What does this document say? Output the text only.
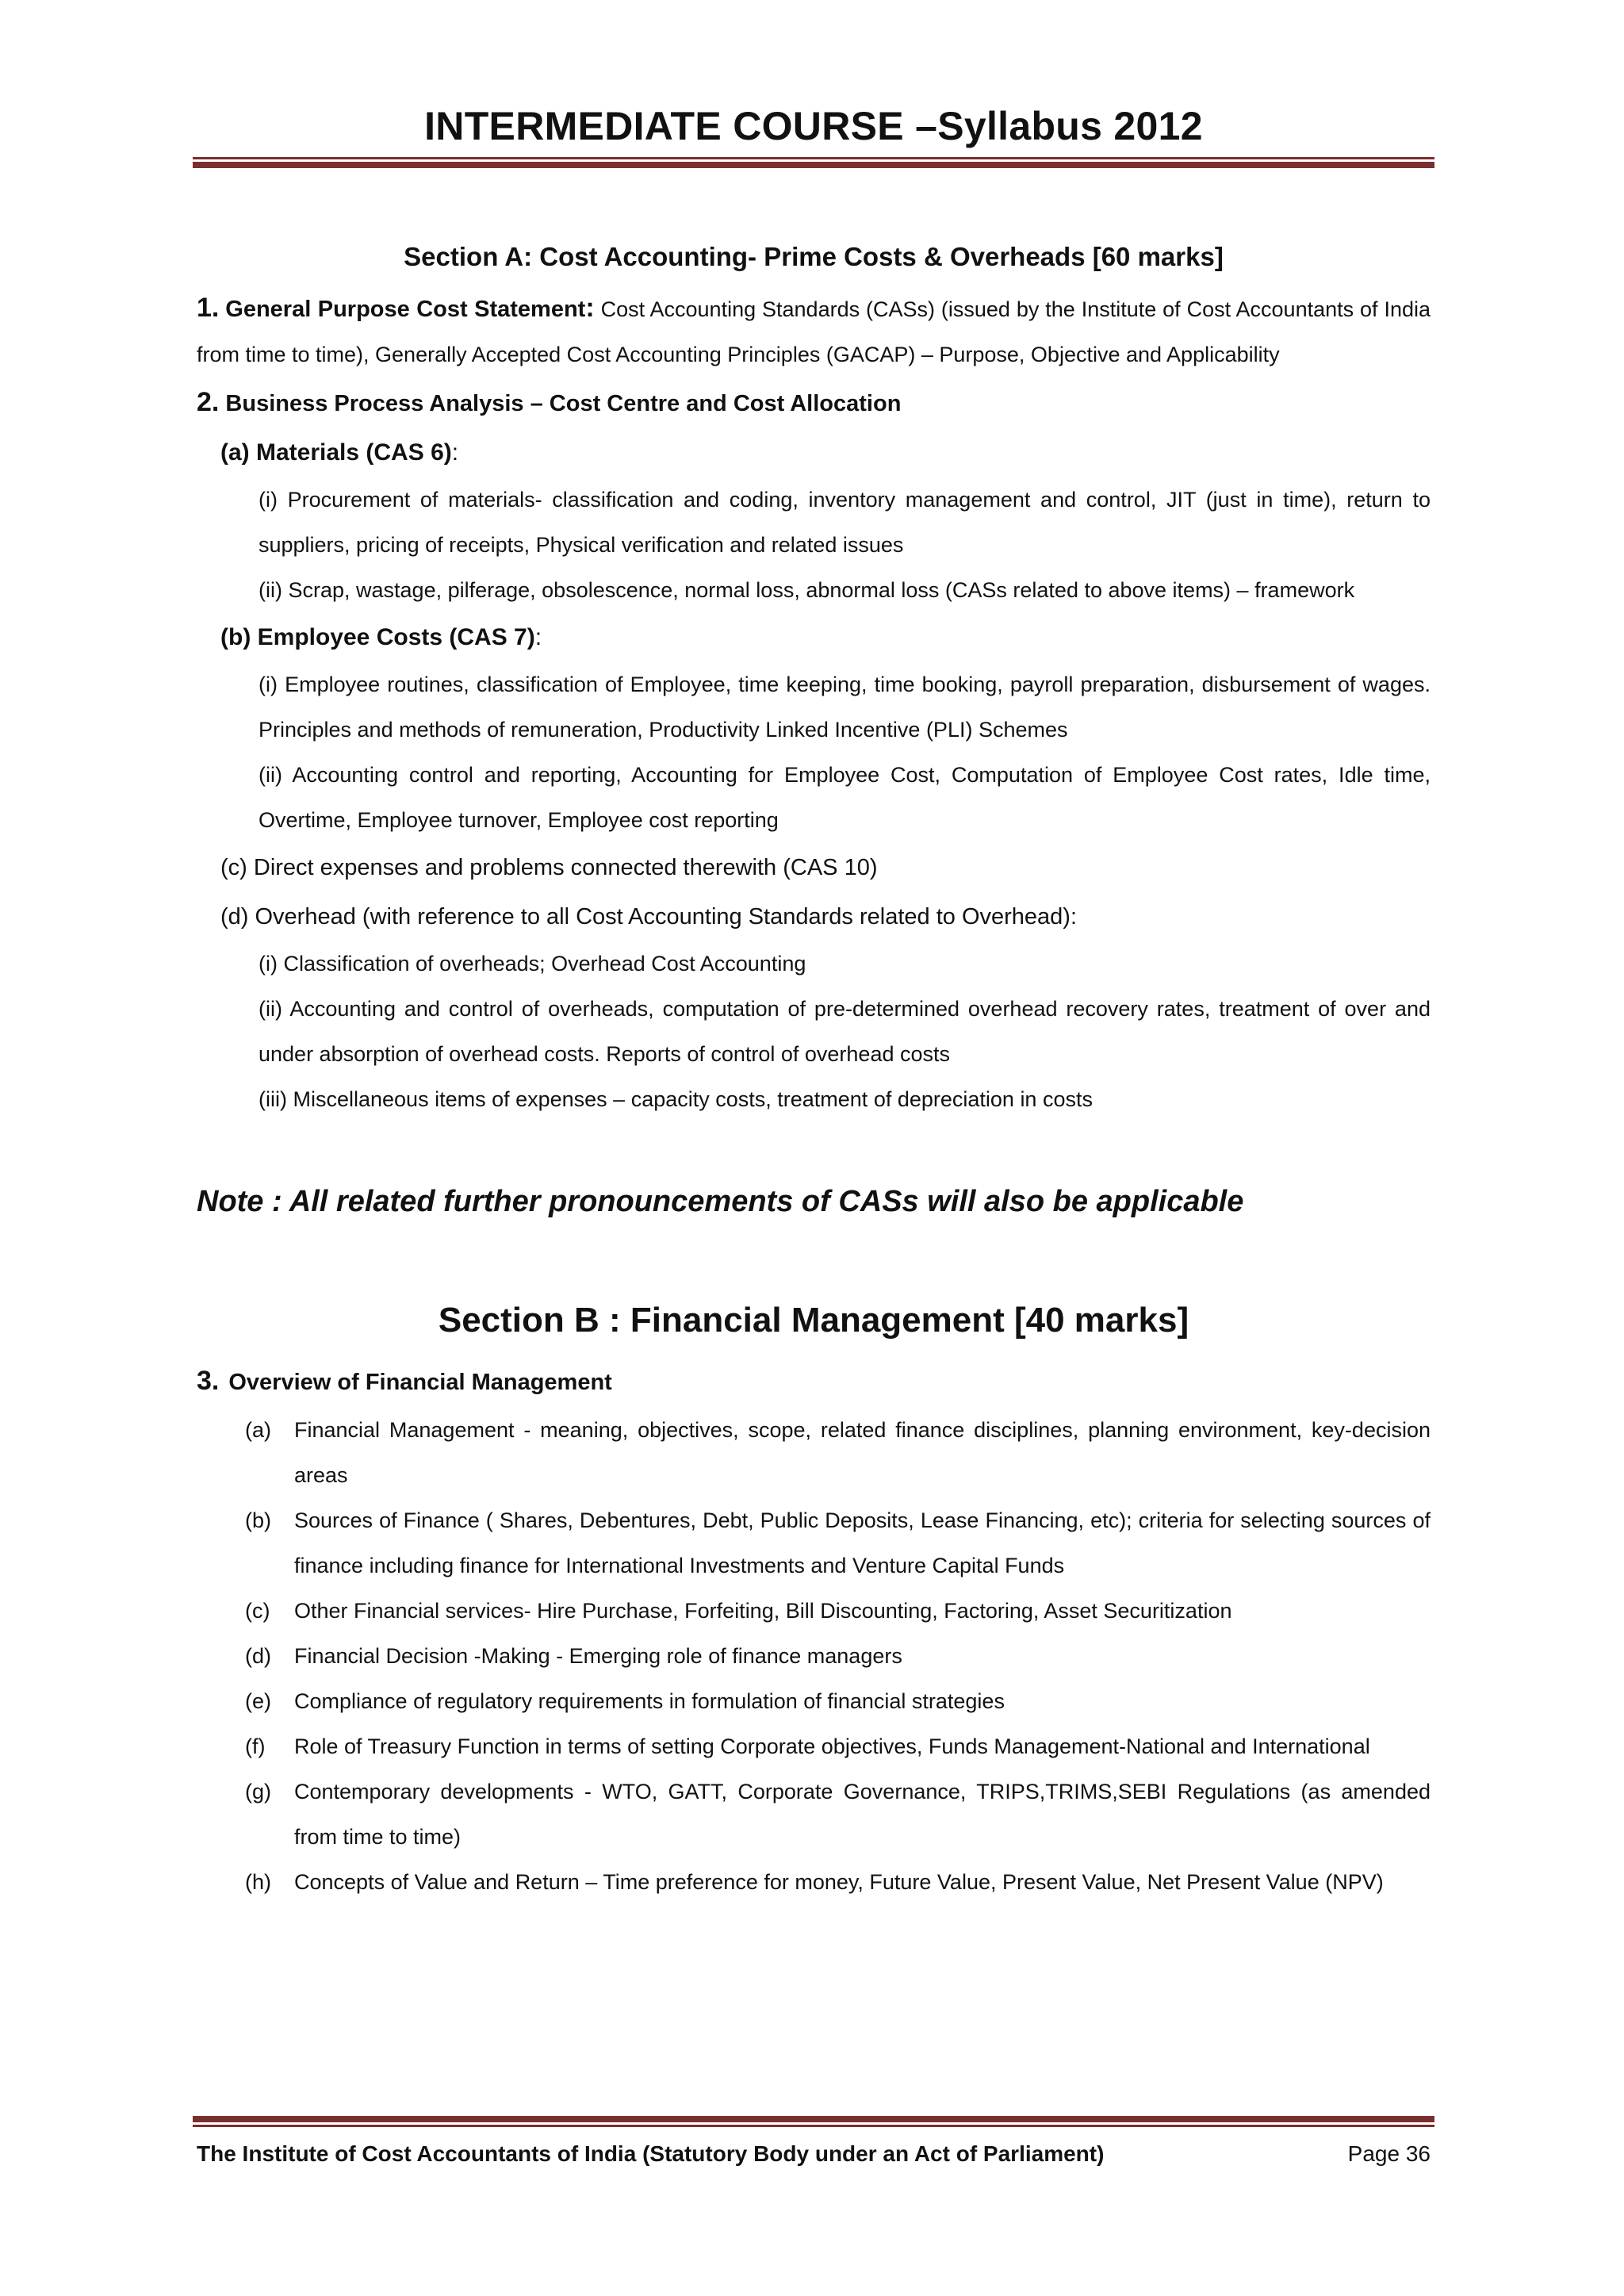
INTERMEDIATE COURSE –Syllabus 2012
Section A: Cost Accounting- Prime Costs & Overheads [60 marks]

1. General Purpose Cost Statement: Cost Accounting Standards (CASs) (issued by the Institute of Cost Accountants of India from time to time), Generally Accepted Cost Accounting Principles (GACAP) – Purpose, Objective and Applicability

2. Business Process Analysis – Cost Centre and Cost Allocation

(a) Materials (CAS 6):

(i) Procurement of materials- classification and coding, inventory management and control, JIT (just in time), return to suppliers, pricing of receipts, Physical verification and related issues

(ii) Scrap, wastage, pilferage, obsolescence, normal loss, abnormal loss (CASs related to above items) – framework

(b) Employee Costs (CAS 7):

(i) Employee routines, classification of Employee, time keeping, time booking, payroll preparation, disbursement of wages. Principles and methods of remuneration, Productivity Linked Incentive (PLI) Schemes

(ii) Accounting control and reporting, Accounting for Employee Cost, Computation of Employee Cost rates, Idle time, Overtime, Employee turnover, Employee cost reporting

(c) Direct expenses and problems connected therewith (CAS 10)

(d) Overhead (with reference to all Cost Accounting Standards related to Overhead):

(i) Classification of overheads; Overhead Cost Accounting

(ii) Accounting and control of overheads, computation of pre-determined overhead recovery rates, treatment of over and under absorption of overhead costs. Reports of control of overhead costs

(iii) Miscellaneous items of expenses – capacity costs, treatment of depreciation in costs

Note : All related further pronouncements of CASs will also be applicable

Section B : Financial Management [40 marks]

3. Overview of Financial Management

(a)	Financial Management - meaning, objectives, scope, related finance disciplines, planning environment, key-decision areas
(b)	Sources of Finance ( Shares, Debentures, Debt, Public Deposits, Lease Financing, etc); criteria for selecting sources of finance including finance for International Investments and Venture Capital Funds
(c)	Other Financial services- Hire Purchase, Forfeiting, Bill Discounting, Factoring, Asset Securitization
(d)	Financial Decision -Making - Emerging role of finance managers
(e)	Compliance of regulatory requirements in formulation of financial strategies
(f)	Role of Treasury Function in terms of setting Corporate objectives, Funds Management-National and International
(g)	Contemporary developments - WTO, GATT, Corporate Governance, TRIPS,TRIMS,SEBI Regulations (as amended from time to time)
(h)	Concepts of Value and Return – Time preference for money, Future Value, Present Value, Net Present Value (NPV)
The Institute of Cost Accountants of India (Statutory Body under an Act of Parliament)	Page 36
